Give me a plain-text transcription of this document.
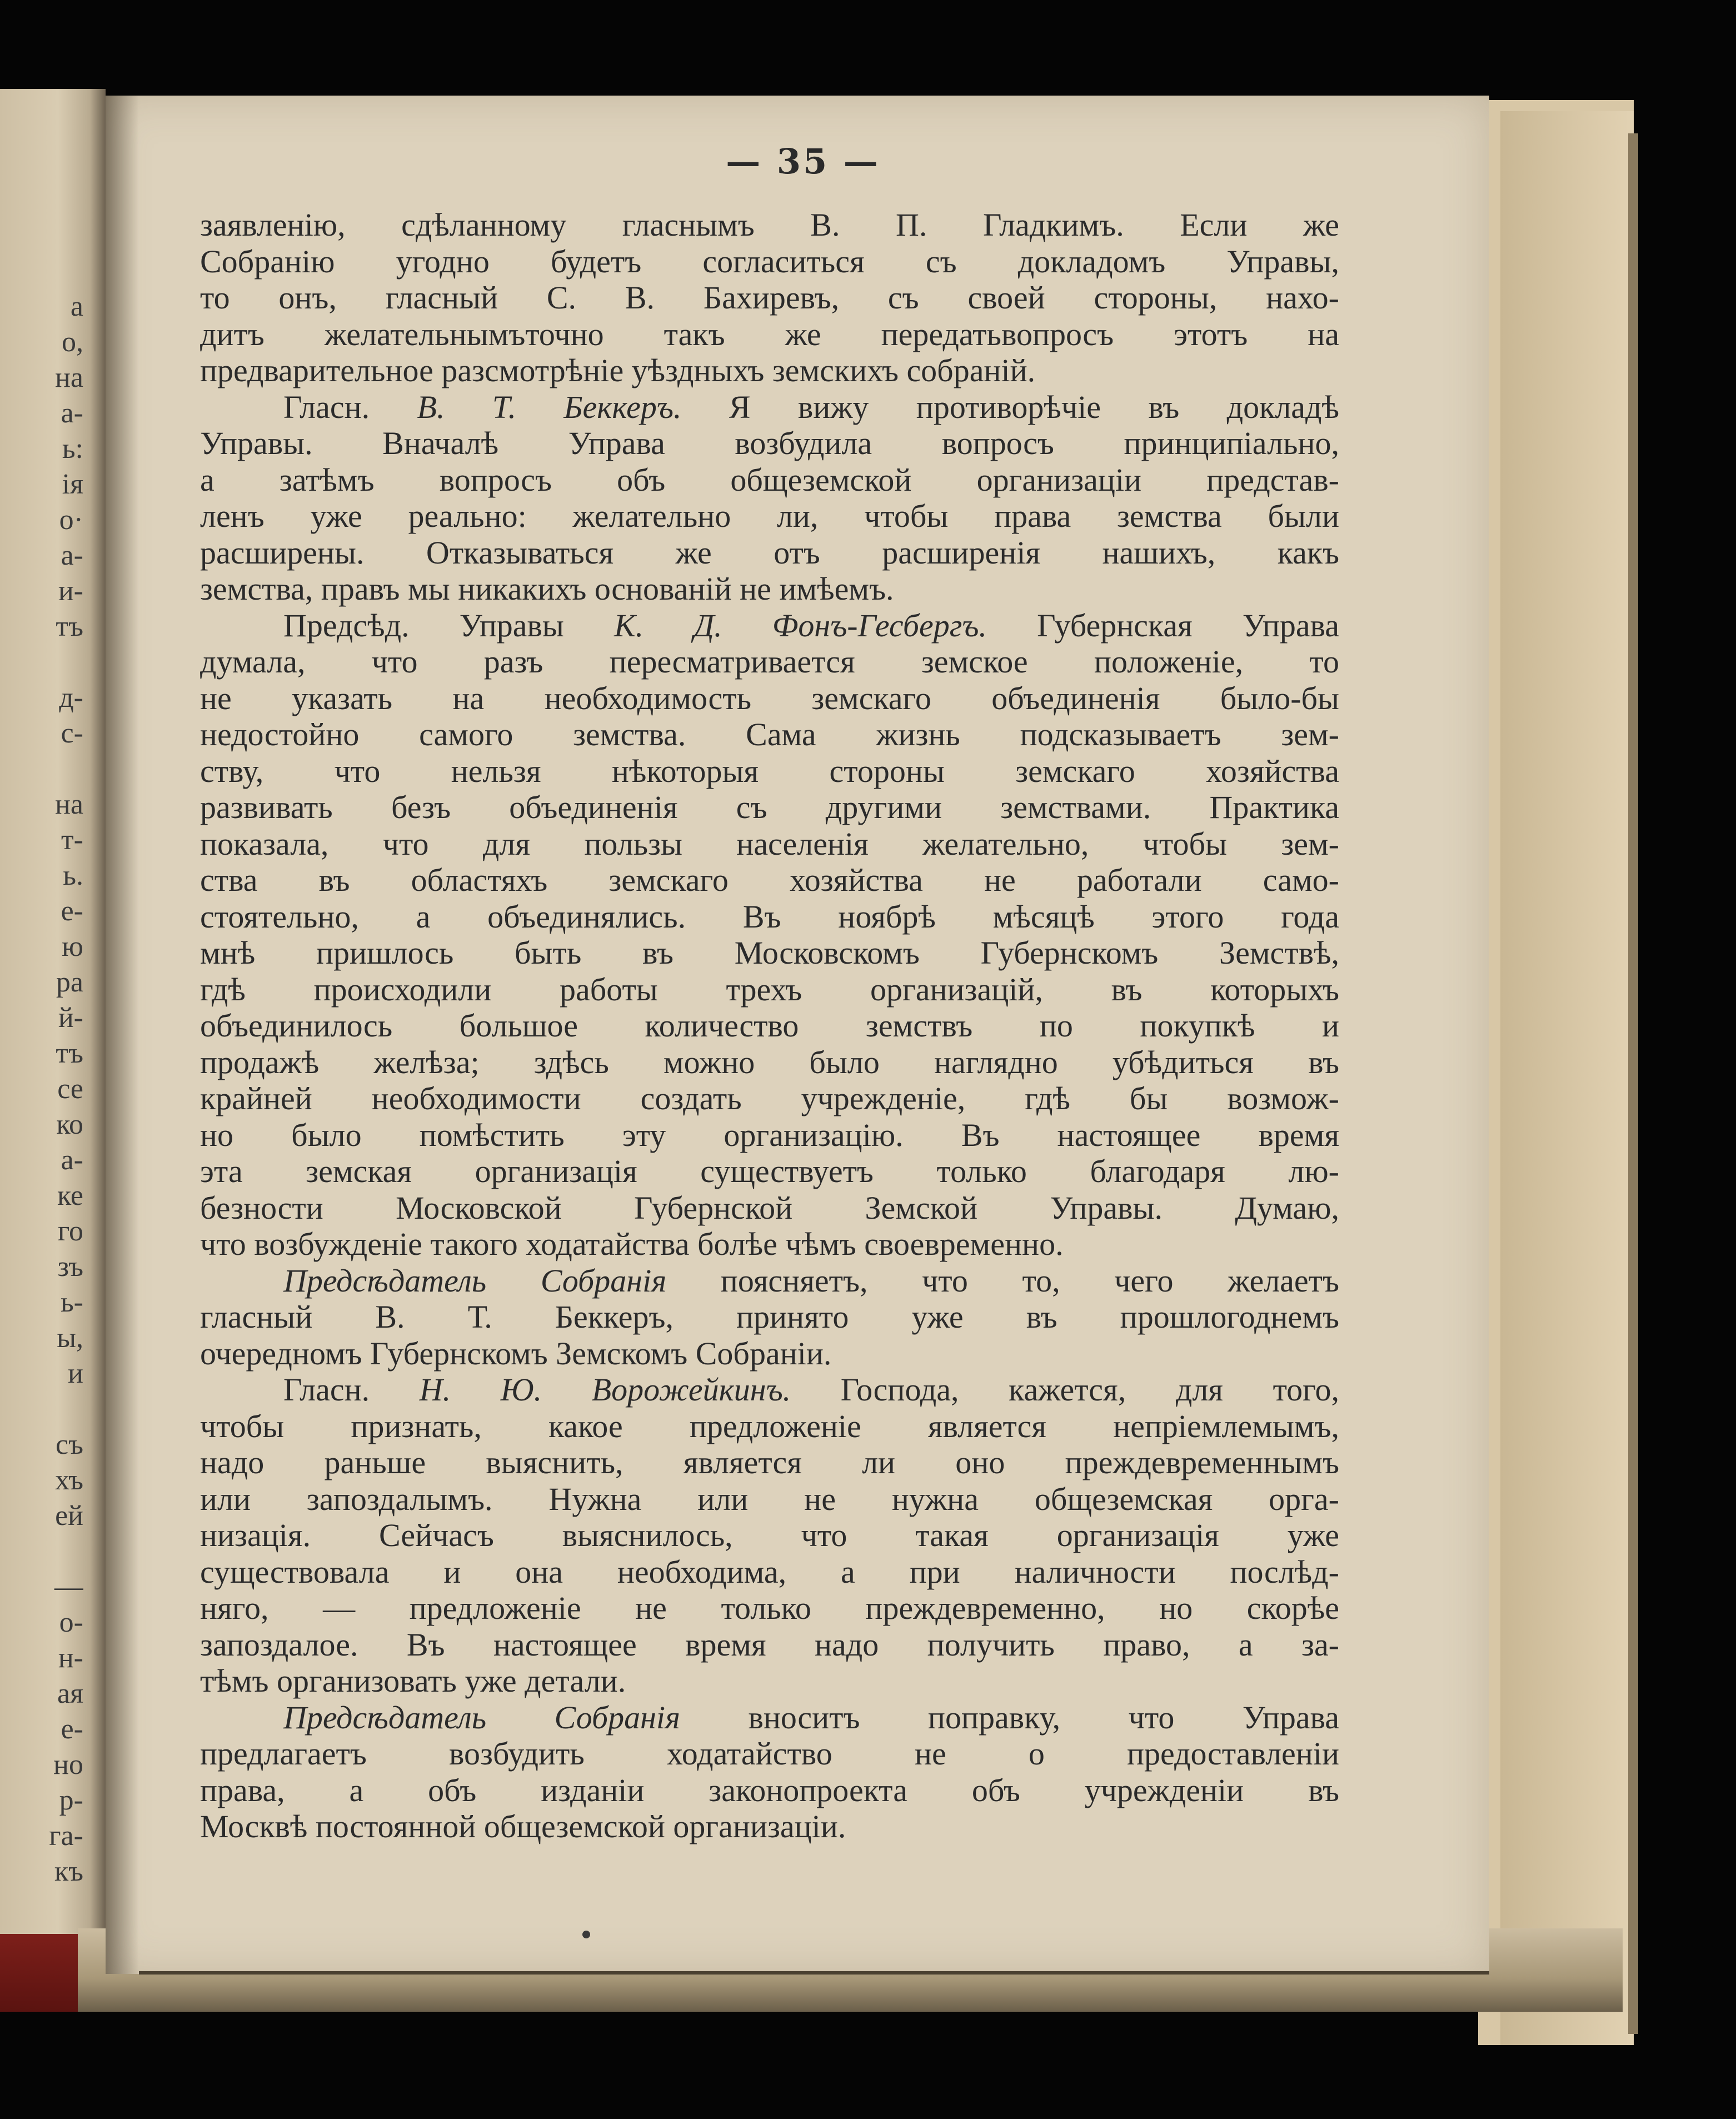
а
о,
на
а-
ь:
ія
о·
а-
и-
тъ

д-
с-

на
т-
ь.
е-
ю
ра
й-
тъ
се
ко
а-
ке
го
зъ
ь-
ы,
и

съ
хъ
ей

—
о-
н-
ая
е-
но
р-
га-
къ
— 35 —
заявленію, сдѣланному гласнымъ В. П. Гладкимъ. Если же
Собранію угодно будетъ согласиться съ докладомъ Управы,
то онъ, гласный С. В. Бахиревъ, съ своей стороны, нахо-
дитъ желательнымъточно такъ же передатьвопросъ этотъ на
предварительное разсмотрѣніе уѣздныхъ земскихъ собраній.
Гласн. В. Т. Беккеръ. Я вижу противорѣчіе въ докладѣ
Управы. Вначалѣ Управа возбудила вопросъ принципіально,
а затѣмъ вопросъ объ общеземской организаціи представ-
ленъ уже реально: желательно ли, чтобы права земства были
расширены. Отказываться же отъ расширенія нашихъ, какъ
земства, правъ мы никакихъ основаній не имѣемъ.
Предсѣд. Управы К. Д. Фонъ-Гесбергъ. Губернская Управа
думала, что разъ пересматривается земское положеніе, то
не указать на необходимость земскаго объединенія было-бы
недостойно самого земства. Сама жизнь подсказываетъ зем-
ству, что нельзя нѣкоторыя стороны земскаго хозяйства
развивать безъ объединенія съ другими земствами. Практика
показала, что для пользы населенія желательно, чтобы зем-
ства въ областяхъ земскаго хозяйства не работали само-
стоятельно, а объединялись. Въ ноябрѣ мѣсяцѣ этого года
мнѣ пришлось быть въ Московскомъ Губернскомъ Земствѣ,
гдѣ происходили работы трехъ организацій, въ которыхъ
объединилось большое количество земствъ по покупкѣ и
продажѣ желѣза; здѣсь можно было наглядно убѣдиться въ
крайней необходимости создать учрежденіе, гдѣ бы возмож-
но было помѣстить эту организацію. Въ настоящее время
эта земская организація существуетъ только благодаря лю-
безности Московской Губернской Земской Управы. Думаю,
что возбужденіе такого ходатайства болѣе чѣмъ своевременно.
Предсѣдатель Собранія поясняетъ, что то, чего желаетъ
гласный В. Т. Беккеръ, принято уже въ прошлогоднемъ
очередномъ Губернскомъ Земскомъ Собраніи.
Гласн. Н. Ю. Ворожейкинъ. Господа, кажется, для того,
чтобы признать, какое предложеніе является непріемлемымъ,
надо раньше выяснить, является ли оно преждевременнымъ
или запоздалымъ. Нужна или не нужна общеземская орга-
низація. Сейчасъ выяснилось, что такая организація уже
существовала и она необходима, а при наличности послѣд-
няго, — предложеніе не только преждевременно, но скорѣе
запоздалое. Въ настоящее время надо получить право, а за-
тѣмъ организовать уже детали.
Предсѣдатель Собранія вноситъ поправку, что Управа
предлагаетъ возбудить ходатайство не о предоставленіи
права, а объ изданіи законопроекта объ учрежденіи въ
Москвѣ постоянной общеземской организаціи.
